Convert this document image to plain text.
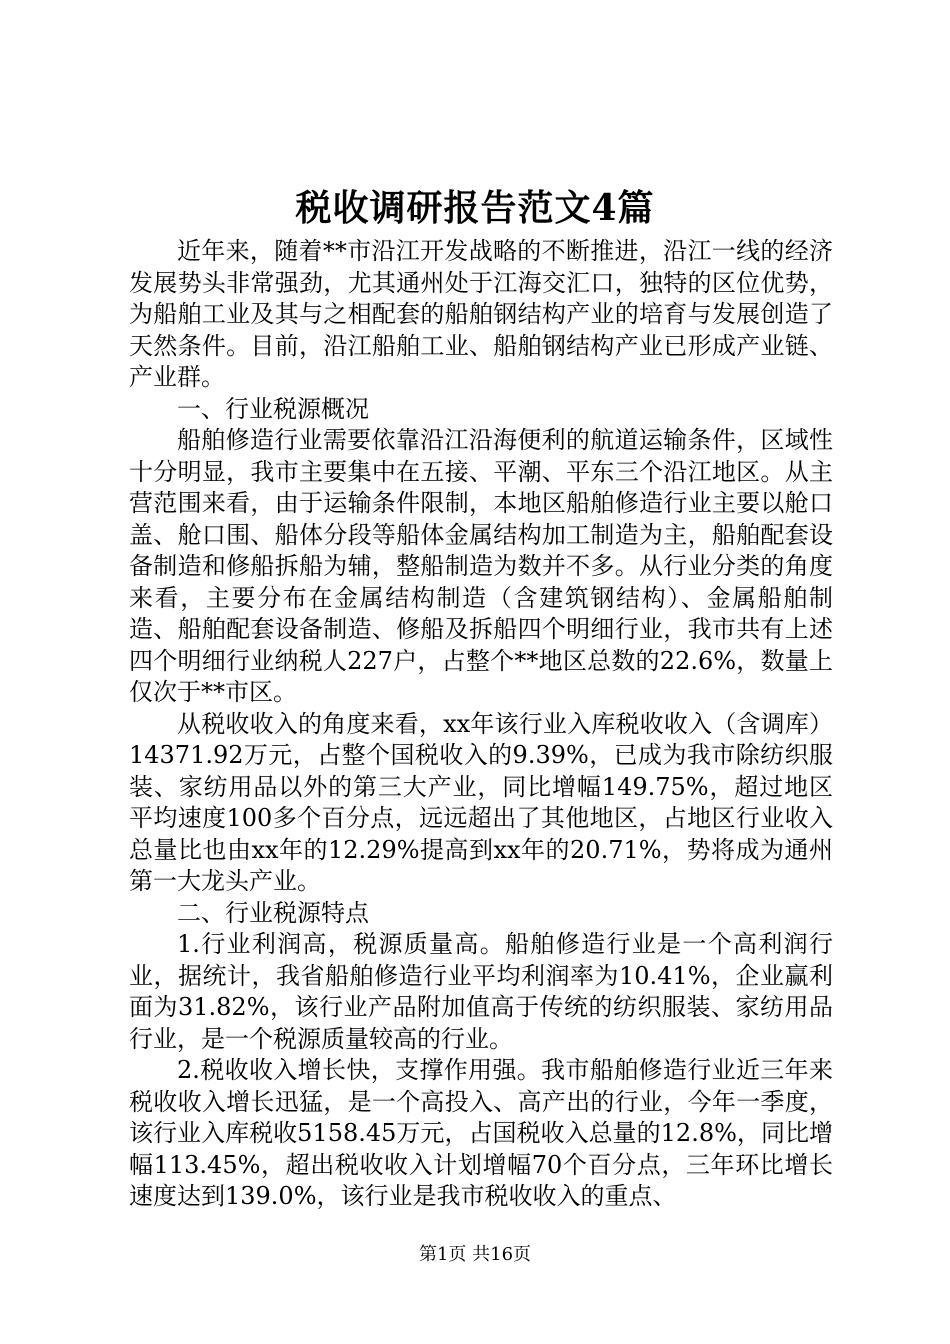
税收调研报告范文4篇

近年来，随着**市沿江开发战略的不断推进，沿江一线的经济发展势头非常强劲，尤其通州处于江海交汇口，独特的区位优势，为船舶工业及其与之相配套的船舶钢结构产业的培育与发展创造了天然条件。目前，沿江船舶工业、船舶钢结构产业已形成产业链、产业群。

一、行业税源概况

船舶修造行业需要依靠沿江沿海便利的航道运输条件，区域性十分明显，我市主要集中在五接、平潮、平东三个沿江地区。从主营范围来看，由于运输条件限制，本地区船舶修造行业主要以舱口盖、舱口围、船体分段等船体金属结构加工制造为主，船舶配套设备制造和修船拆船为辅，整船制造为数并不多。从行业分类的角度来看，主要分布在金属结构制造（含建筑钢结构）、金属船舶制造、船舶配套设备制造、修船及拆船四个明细行业，我市共有上述四个明细行业纳税人227户，占整个**地区总数的22.6%，数量上仅次于**市区。

从税收收入的角度来看，xx年该行业入库税收收入（含调库）14371.92万元，占整个国税收入的9.39%，已成为我市除纺织服装、家纺用品以外的第三大产业，同比增幅149.75%，超过地区平均速度100多个百分点，远远超出了其他地区，占地区行业收入总量比也由xx年的12.29%提高到xx年的20.71%，势将成为通州第一大龙头产业。

二、行业税源特点

1.行业利润高，税源质量高。船舶修造行业是一个高利润行业，据统计，我省船舶修造行业平均利润率为10.41%，企业赢利面为31.82%，该行业产品附加值高于传统的纺织服装、家纺用品行业，是一个税源质量较高的行业。

2.税收收入增长快，支撑作用强。我市船舶修造行业近三年来税收收入增长迅猛，是一个高投入、高产出的行业，今年一季度，该行业入库税收5158.45万元，占国税收入总量的12.8%，同比增幅113.45%，超出税收收入计划增幅70个百分点，三年环比增长速度达到139.0%，该行业是我市税收收入的重点、

第1页 共16页
